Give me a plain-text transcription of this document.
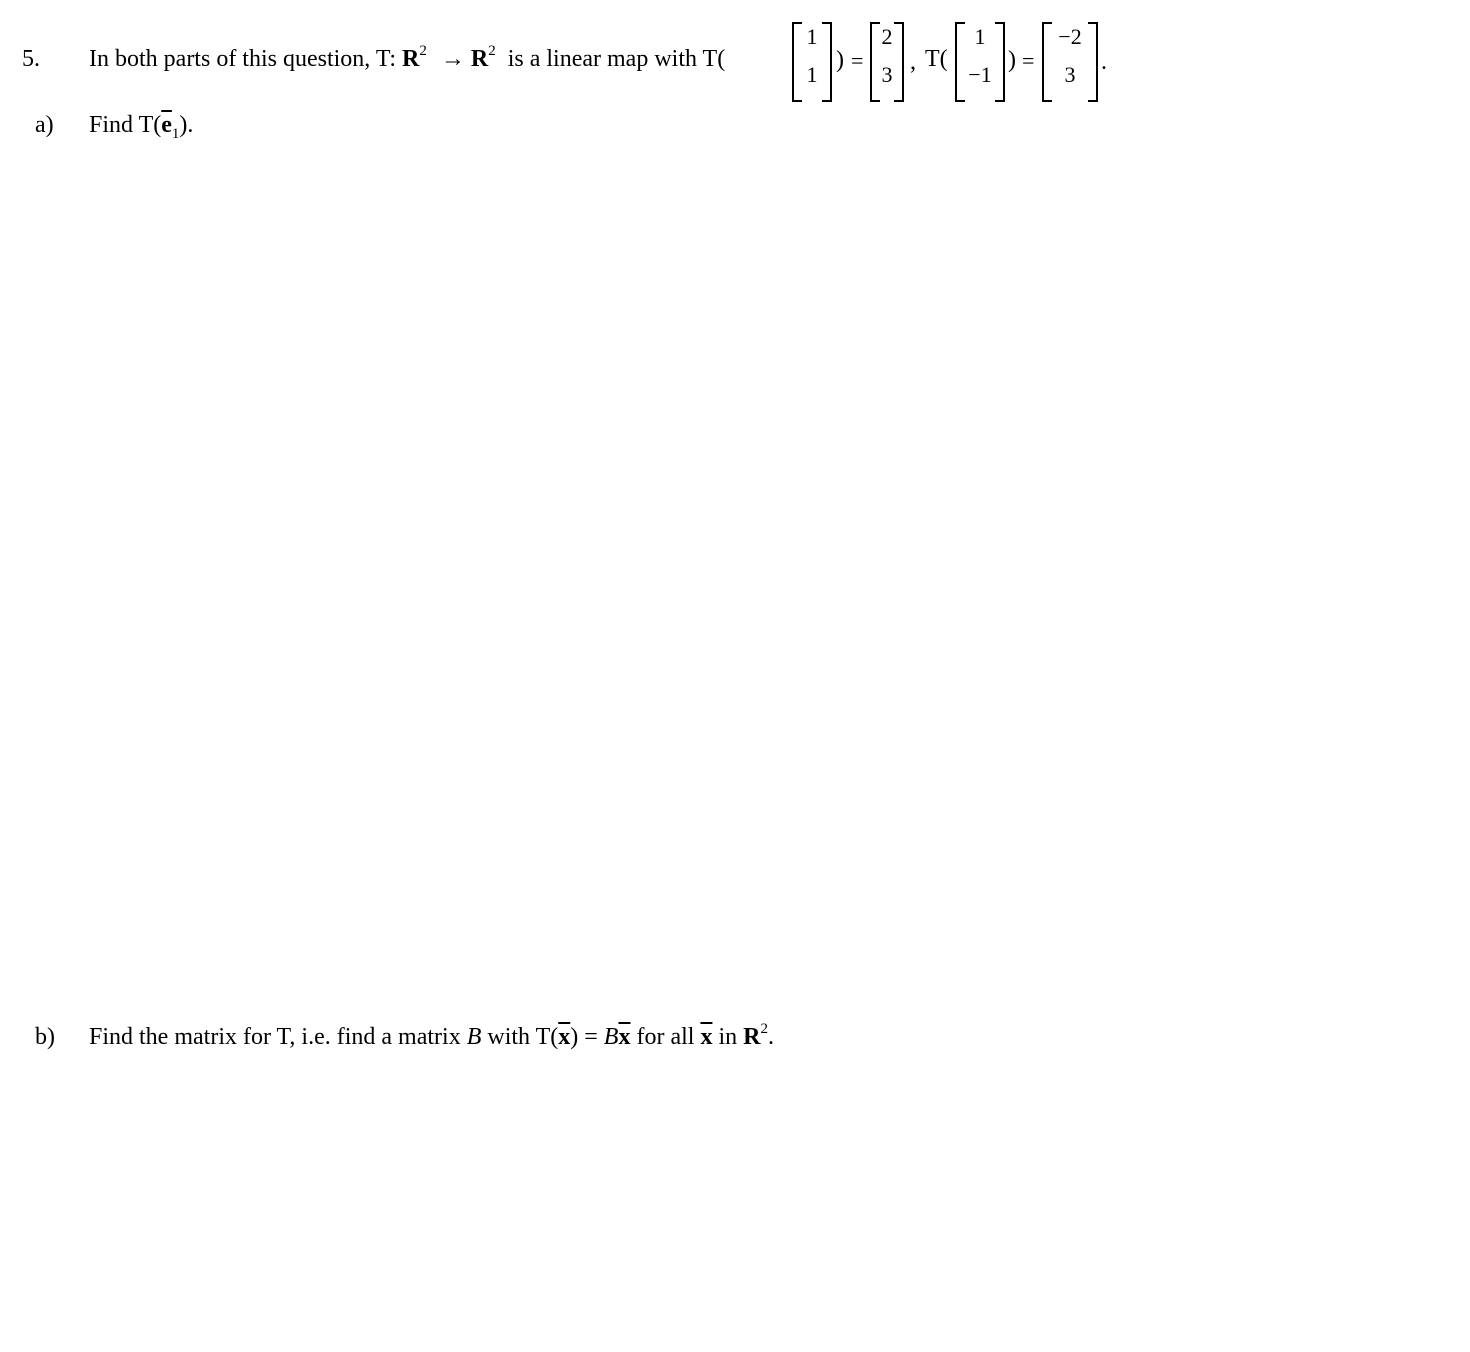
5. In both parts of this question, T: $R^2 \to R^2$ is a linear map with T(
1
1
) =
2
3 , T(
1
−1
) =
−2
3	.
a) Find $T(\overline{e}_1)$.
b) Find the matrix for T, i.e. find a matrix B with $T(\overline{x}) = B\overline{x}$ for all $\overline{x}$ in $R^2$.
